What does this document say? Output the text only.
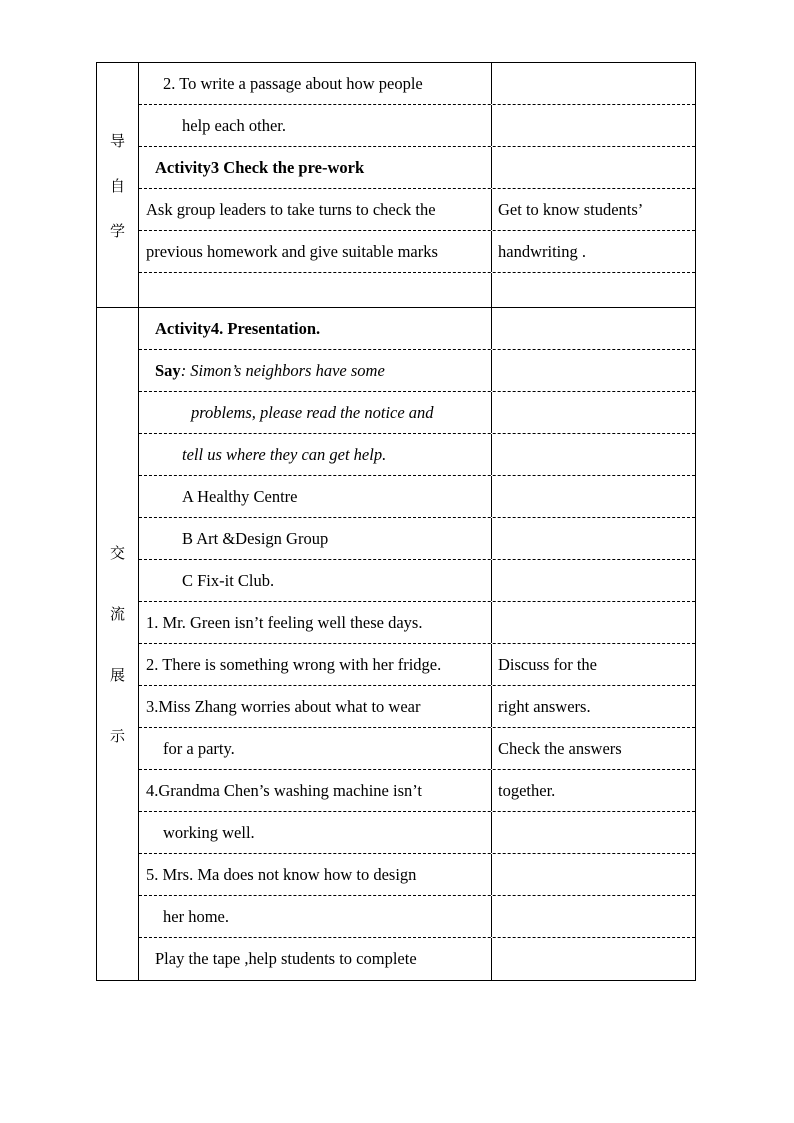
导
自
学
2. To write a passage about how people
help each other.
Activity3 Check the pre-work
Ask group leaders to take turns to check the	Get to know students’
previous homework and give suitable marks	handwriting .
交
流
展
示
Activity4. Presentation.
Say : Simon’s neighbors have some
problems, please read the notice and
tell us where they can get help.
A Healthy Centre
B Art &Design Group
C Fix-it Club.
1. Mr. Green isn’t feeling well these days.
2. There is something wrong with her fridge.	Discuss for the
3.Miss Zhang worries about what to wear	right answers.
for a party.	Check the answers
4.Grandma Chen’s washing machine isn’t	together.
working well.
5. Mrs. Ma does not know how to design
her home.
Play the tape ,help students to complete
